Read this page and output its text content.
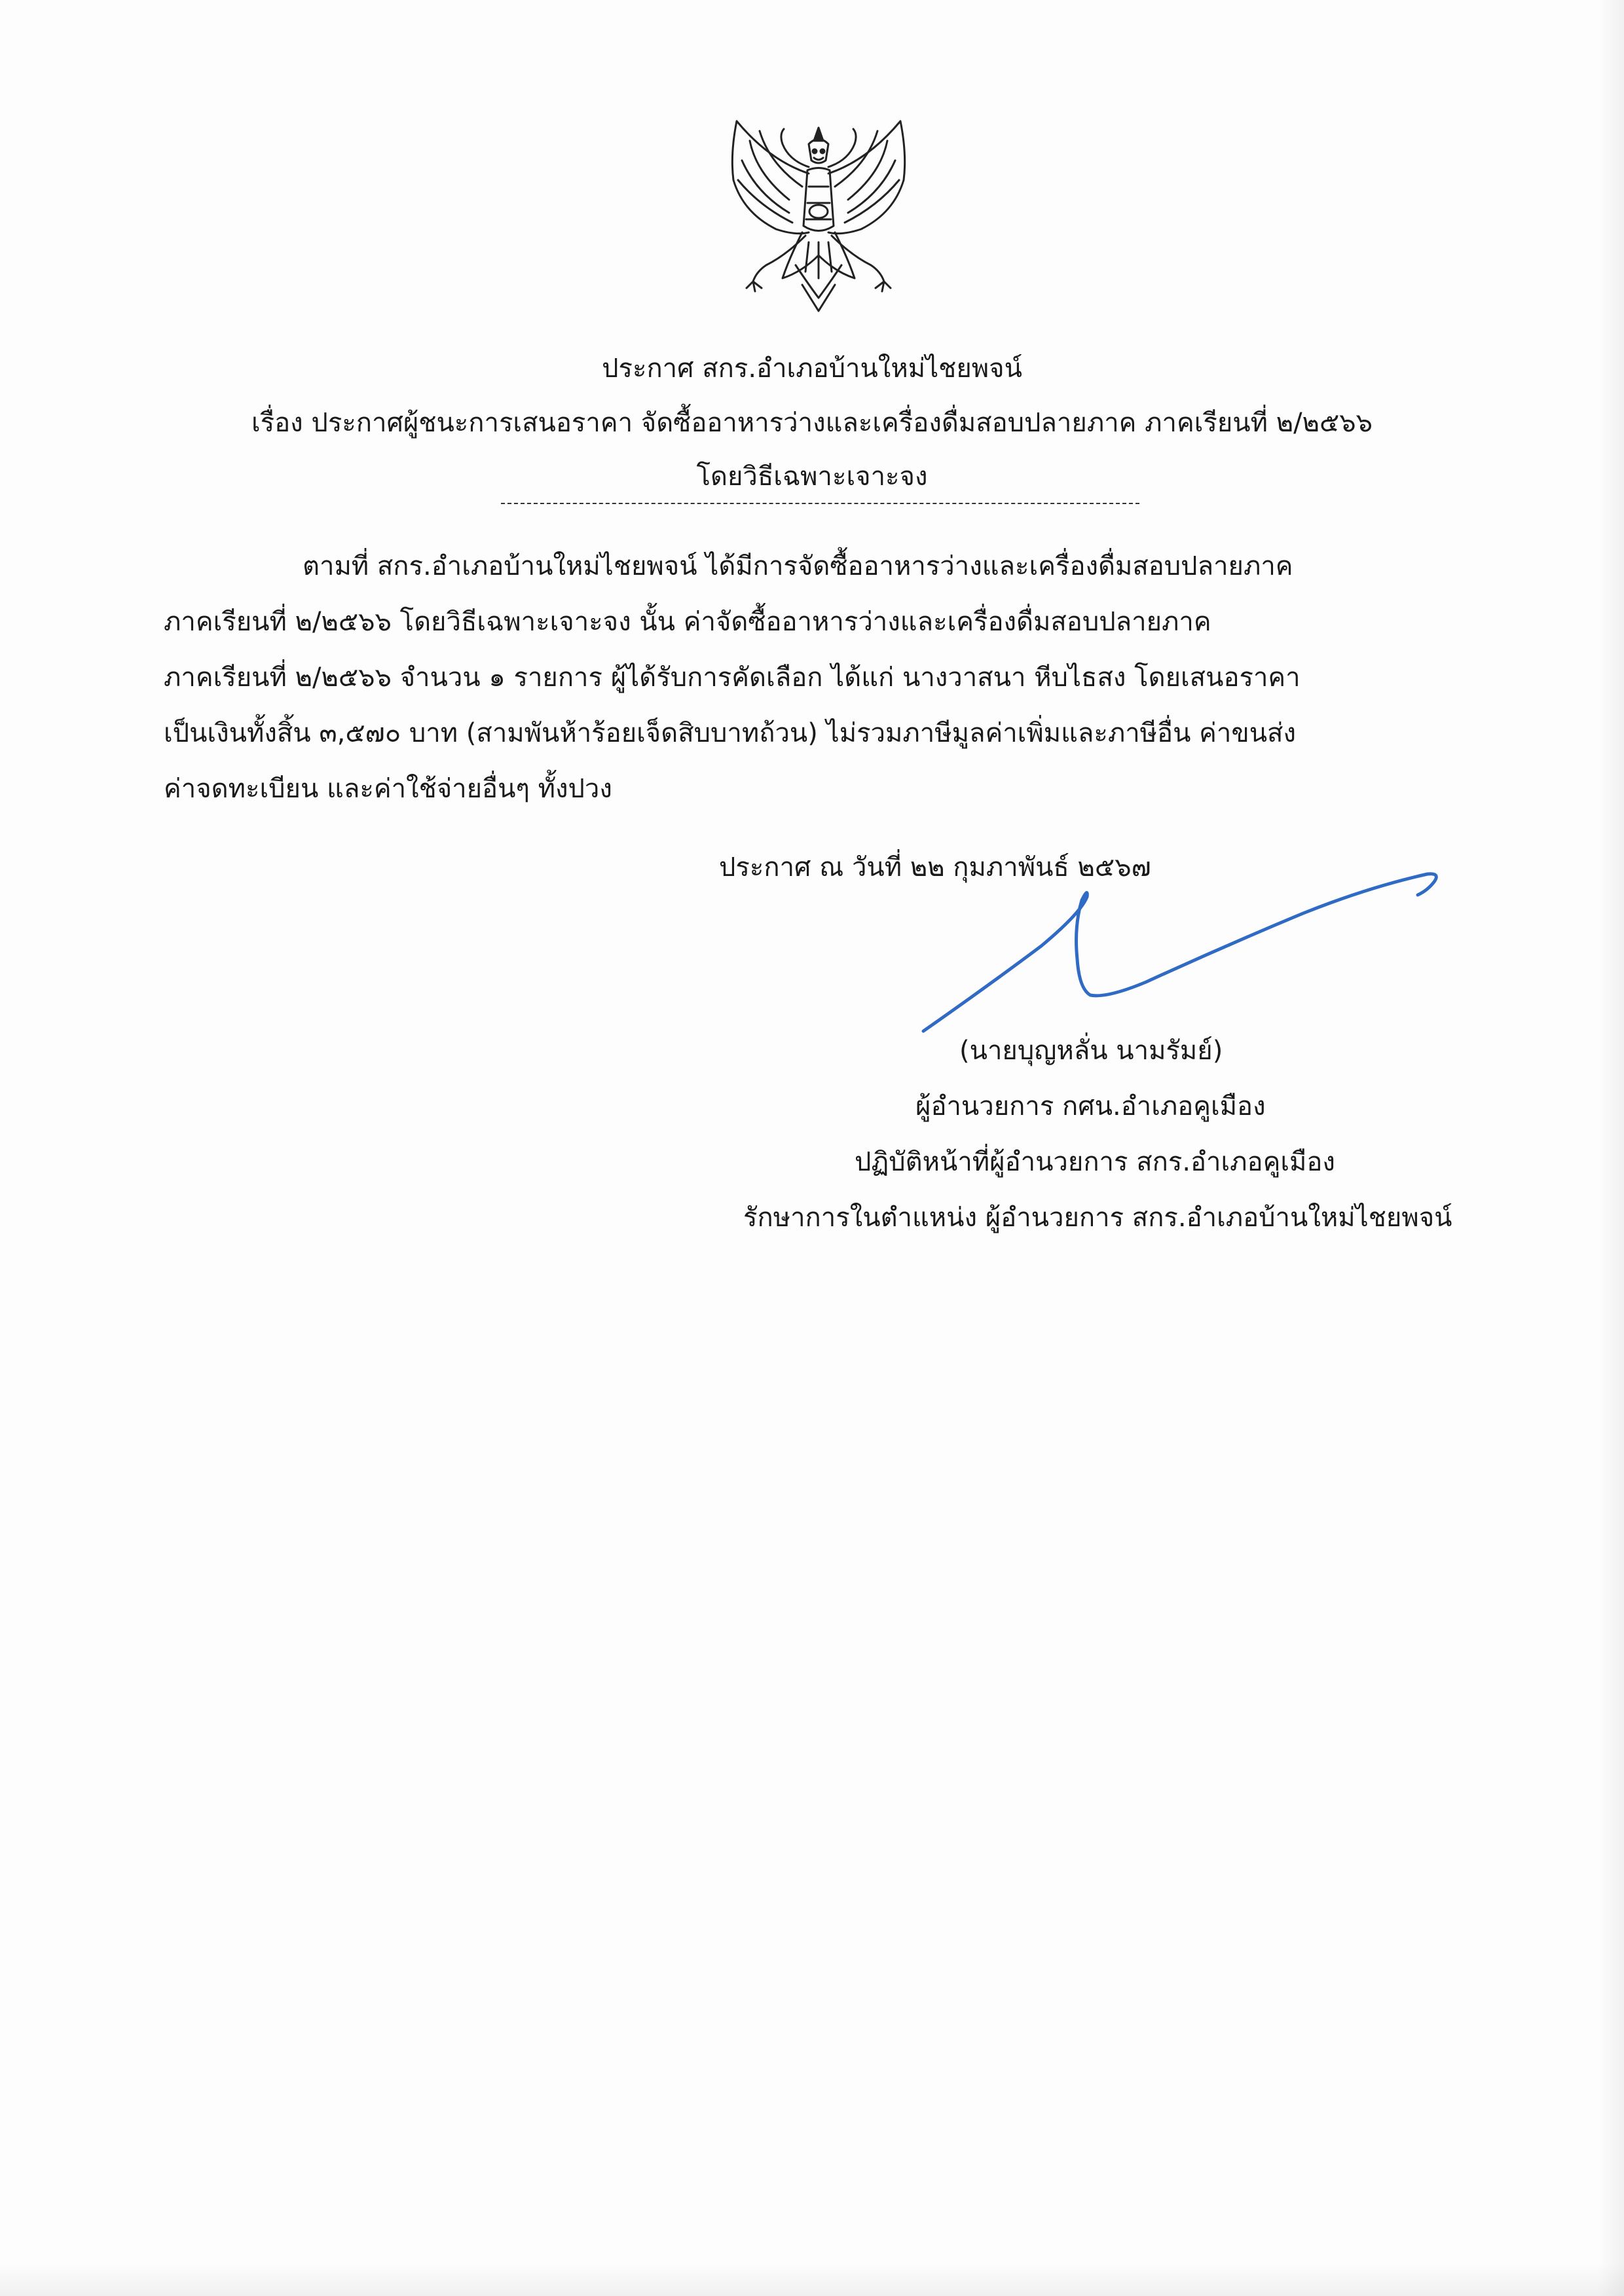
ประกาศ สกร.อำเภอบ้านใหม่ไชยพจน์
เรื่อง ประกาศผู้ชนะการเสนอราคา จัดซื้ออาหารว่างและเครื่องดื่มสอบปลายภาค ภาคเรียนที่ ๒/๒๕๖๖
โดยวิธีเฉพาะเจาะจง
ตามที่ สกร.อำเภอบ้านใหม่ไชยพจน์ ได้มีการจัดซื้ออาหารว่างและเครื่องดื่มสอบปลายภาค
ภาคเรียนที่ ๒/๒๕๖๖ โดยวิธีเฉพาะเจาะจง นั้น ค่าจัดซื้ออาหารว่างและเครื่องดื่มสอบปลายภาค
ภาคเรียนที่ ๒/๒๕๖๖ จำนวน ๑ รายการ ผู้ได้รับการคัดเลือก ได้แก่ นางวาสนา หีบไธสง โดยเสนอราคา
เป็นเงินทั้งสิ้น ๓,๕๗๐ บาท (สามพันห้าร้อยเจ็ดสิบบาทถ้วน) ไม่รวมภาษีมูลค่าเพิ่มและภาษีอื่น ค่าขนส่ง
ค่าจดทะเบียน และค่าใช้จ่ายอื่นๆ ทั้งปวง
ประกาศ ณ วันที่ ๒๒ กุมภาพันธ์ ๒๕๖๗
(นายบุญหลั่น นามรัมย์)
ผู้อำนวยการ กศน.อำเภอคูเมือง
ปฏิบัติหน้าที่ผู้อำนวยการ สกร.อำเภอคูเมือง
รักษาการในตำแหน่ง ผู้อำนวยการ สกร.อำเภอบ้านใหม่ไชยพจน์
